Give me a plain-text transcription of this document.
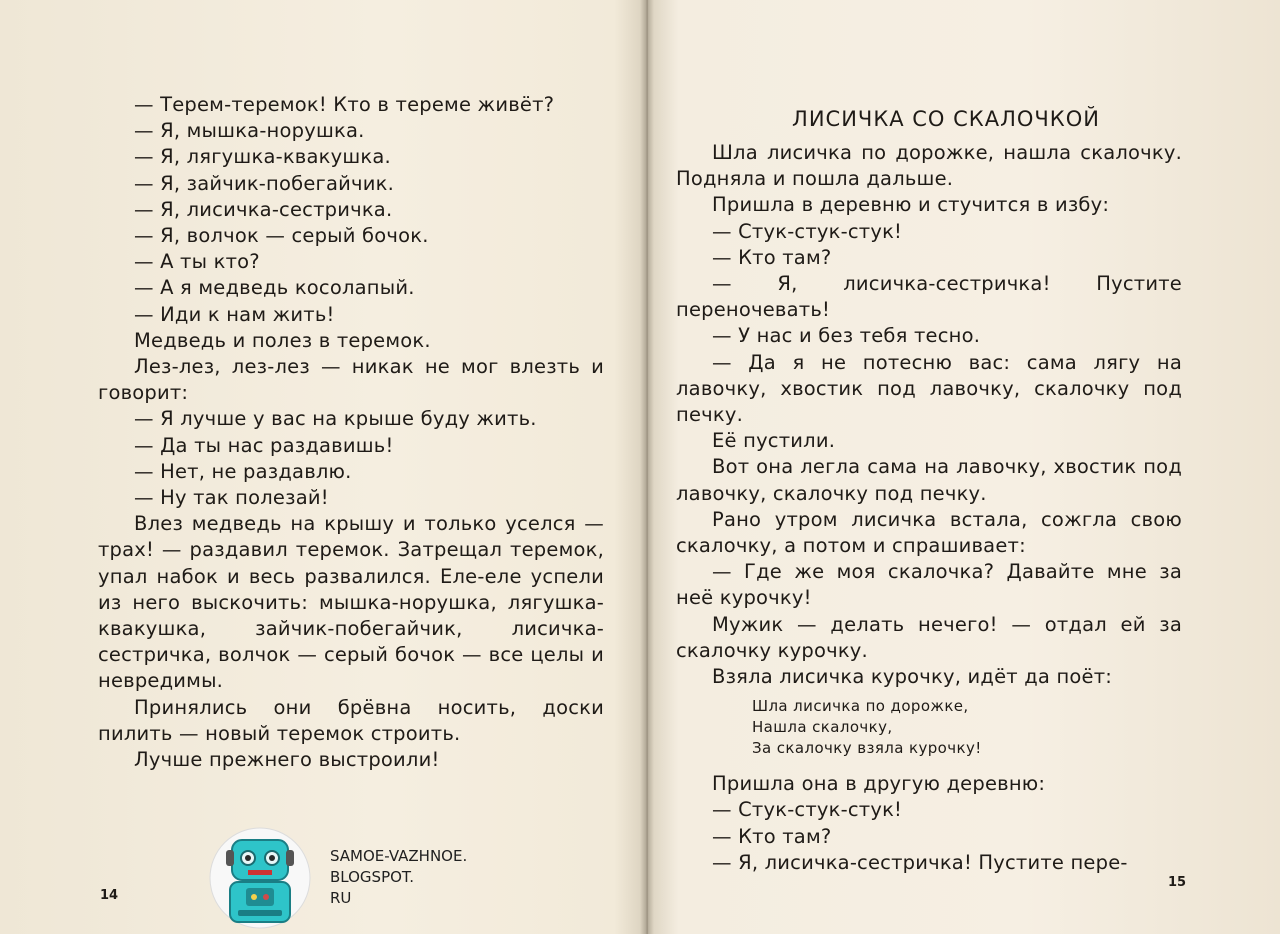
— Терем-теремок! Кто в тереме живёт?

— Я, мышка-норушка.

— Я, лягушка-квакушка.

— Я, зайчик-побегайчик.

— Я, лисичка-сестричка.

— Я, волчок — серый бочок.

— А ты кто?

— А я медведь косолапый.

— Иди к нам жить!

Медведь и полез в теремок.

Лез-лез, лез-лез — никак не мог влезть и говорит:

— Я лучше у вас на крыше буду жить.

— Да ты нас раздавишь!

— Нет, не раздавлю.

— Ну так полезай!

Влез медведь на крышу и только уселся — трах! — раздавил теремок. Затрещал теремок, упал набок и весь развалился. Еле-еле успели из него выскочить: мышка-норушка, лягушка-квакушка, зайчик-побегайчик, лисичка-сестричка, волчок — серый бочок — все целы и невредимы.

Принялись они брёвна носить, доски пилить — новый теремок строить.

Лучше прежнего выстроили!

SAMOE-VAZHNOE.
BLOGSPOT.
RU
14
ЛИСИЧКА СО СКАЛОЧКОЙ

Шла лисичка по дорожке, нашла скалочку. Подняла и пошла дальше.

Пришла в деревню и стучится в избу:

— Стук-стук-стук!

— Кто там?

— Я, лисичка-сестричка! Пустите переночевать!

— У нас и без тебя тесно.

— Да я не потесню вас: сама лягу на лавочку, хвостик под лавочку, скалочку под печку.

Её пустили.

Вот она легла сама на лавочку, хвостик под лавочку, скалочку под печку.

Рано утром лисичка встала, сожгла свою скалочку, а потом и спрашивает:

— Где же моя скалочка? Давайте мне за неё курочку!

Мужик — делать нечего! — отдал ей за скалочку курочку.

Взяла лисичка курочку, идёт да поёт:

Шла лисичка по дорожке,
Нашла скалочку,
За скалочку взяла курочку!

Пришла она в другую деревню:

— Стук-стук-стук!

— Кто там?

— Я, лисичка-сестричка! Пустите пере-

15
